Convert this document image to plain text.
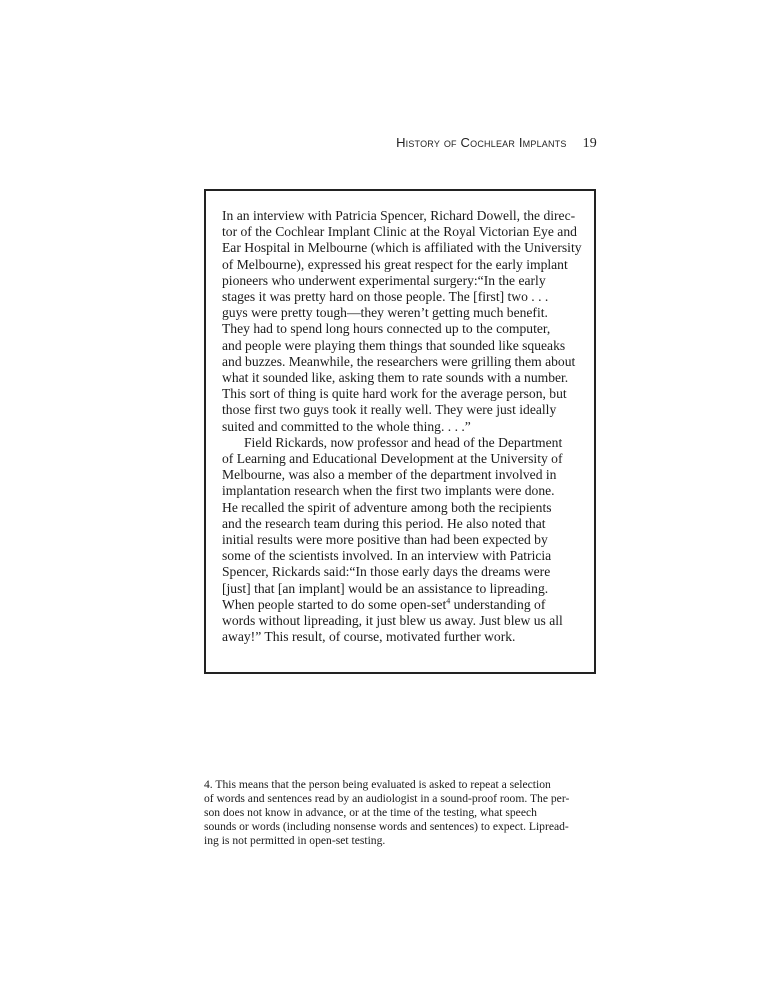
History of Cochlear Implants 19

In an interview with Patricia Spencer, Richard Dowell, the direc-
tor of the Cochlear Implant Clinic at the Royal Victorian Eye and
Ear Hospital in Melbourne (which is affiliated with the University
of Melbourne), expressed his great respect for the early implant
pioneers who underwent experimental surgery:“In the early
stages it was pretty hard on those people. The [first] two . . .
guys were pretty tough—they weren’t getting much benefit.
They had to spend long hours connected up to the computer,
and people were playing them things that sounded like squeaks
and buzzes. Meanwhile, the researchers were grilling them about
what it sounded like, asking them to rate sounds with a number.
This sort of thing is quite hard work for the average person, but
those first two guys took it really well. They were just ideally
suited and committed to the whole thing. . . .”

Field Rickards, now professor and head of the Department
of Learning and Educational Development at the University of
Melbourne, was also a member of the department involved in
implantation research when the first two implants were done.
He recalled the spirit of adventure among both the recipients
and the research team during this period. He also noted that
initial results were more positive than had been expected by
some of the scientists involved. In an interview with Patricia
Spencer, Rickards said:“In those early days the dreams were
[just] that [an implant] would be an assistance to lipreading.
When people started to do some open-set$^4$ understanding of
words without lipreading, it just blew us away. Just blew us all
away!” This result, of course, motivated further work.

4. This means that the person being evaluated is asked to repeat a selection
of words and sentences read by an audiologist in a sound-proof room. The per-
son does not know in advance, or at the time of the testing, what speech
sounds or words (including nonsense words and sentences) to expect. Lipread-
ing is not permitted in open-set testing.
